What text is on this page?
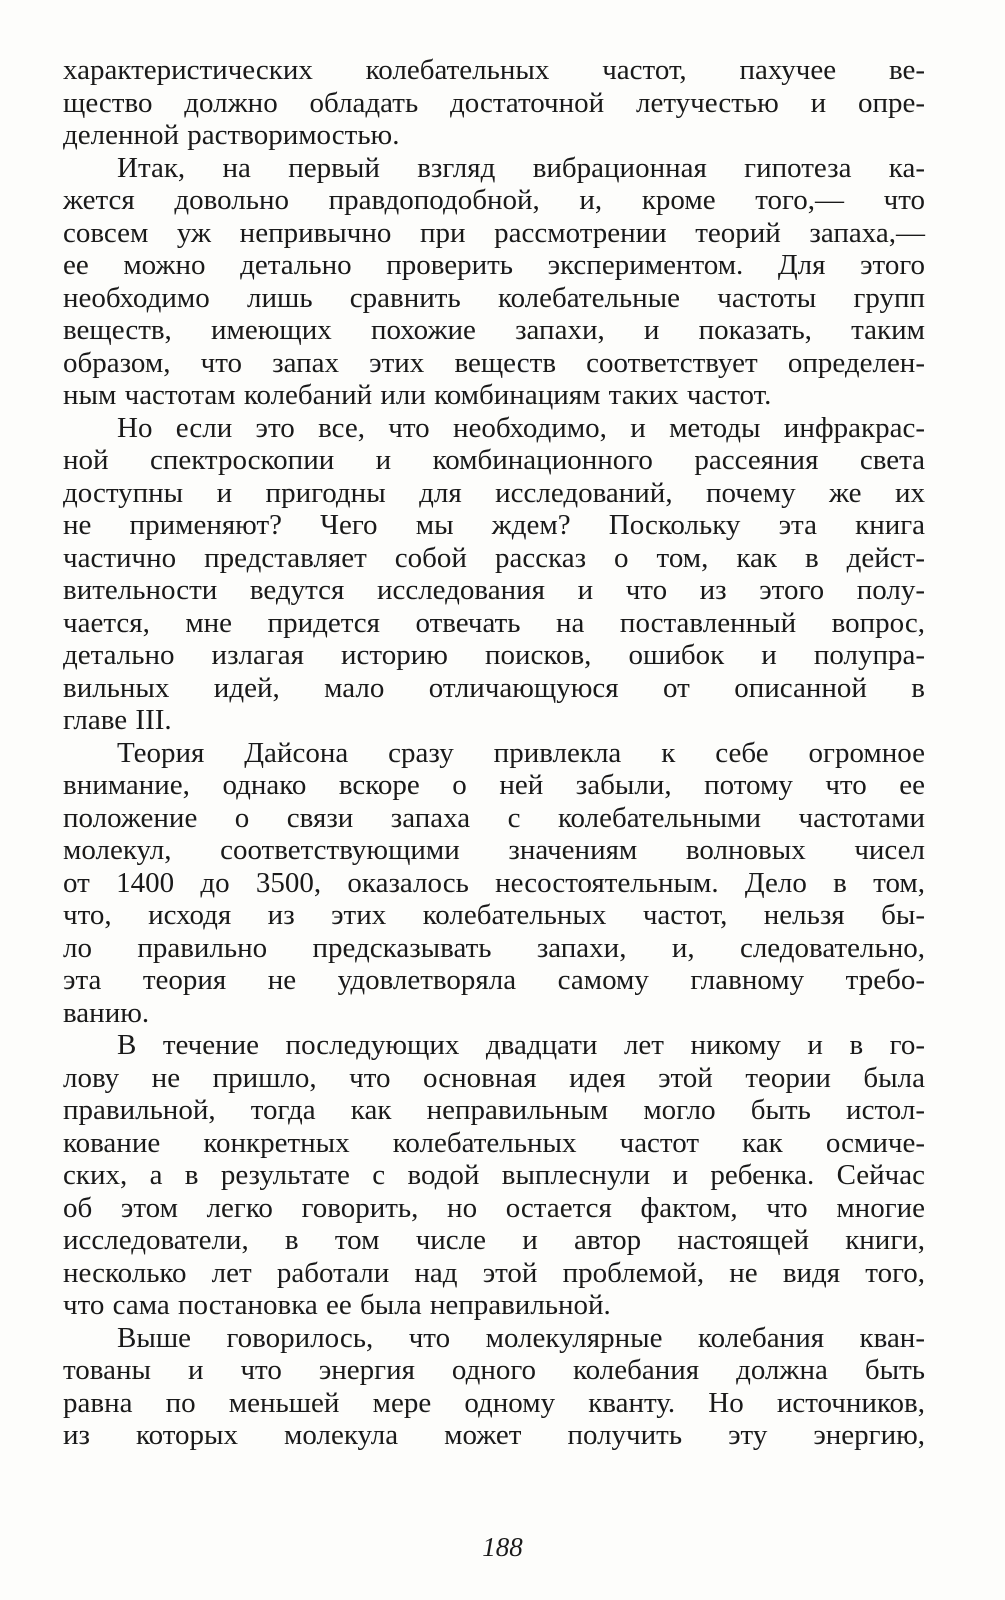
характеристических колебательных частот, пахучее ве-
щество должно обладать достаточной летучестью и опре-
деленной растворимостью.
Итак, на первый взгляд вибрационная гипотеза ка-
жется довольно правдоподобной, и, кроме того,— что
совсем уж непривычно при рассмотрении теорий запаха,—
ее можно детально проверить экспериментом. Для этого
необходимо лишь сравнить колебательные частоты групп
веществ, имеющих похожие запахи, и показать, таким
образом, что запах этих веществ соответствует определен-
ным частотам колебаний или комбинациям таких частот.
Но если это все, что необходимо, и методы инфракрас-
ной спектроскопии и комбинационного рассеяния света
доступны и пригодны для исследований, почему же их
не применяют? Чего мы ждем? Поскольку эта книга
частично представляет собой рассказ о том, как в дейст-
вительности ведутся исследования и что из этого полу-
чается, мне придется отвечать на поставленный вопрос,
детально излагая историю поисков, ошибок и полупра-
вильных идей, мало отличающуюся от описанной в
главе III.
Теория Дайсона сразу привлекла к себе огромное
внимание, однако вскоре о ней забыли, потому что ее
положение о связи запаха с колебательными частотами
молекул, соответствующими значениям волновых чисел
от 1400 до 3500, оказалось несостоятельным. Дело в том,
что, исходя из этих колебательных частот, нельзя бы-
ло правильно предсказывать запахи, и, следовательно,
эта теория не удовлетворяла самому главному требо-
ванию.
В течение последующих двадцати лет никому и в го-
лову не пришло, что основная идея этой теории была
правильной, тогда как неправильным могло быть истол-
кование конкретных колебательных частот как осмиче-
ских, а в результате с водой выплеснули и ребенка. Сейчас
об этом легко говорить, но остается фактом, что многие
исследователи, в том числе и автор настоящей книги,
несколько лет работали над этой проблемой, не видя того,
что сама постановка ее была неправильной.
Выше говорилось, что молекулярные колебания кван-
тованы и что энергия одного колебания должна быть
равна по меньшей мере одному кванту. Но источников,
из которых молекула может получить эту энергию,
188
